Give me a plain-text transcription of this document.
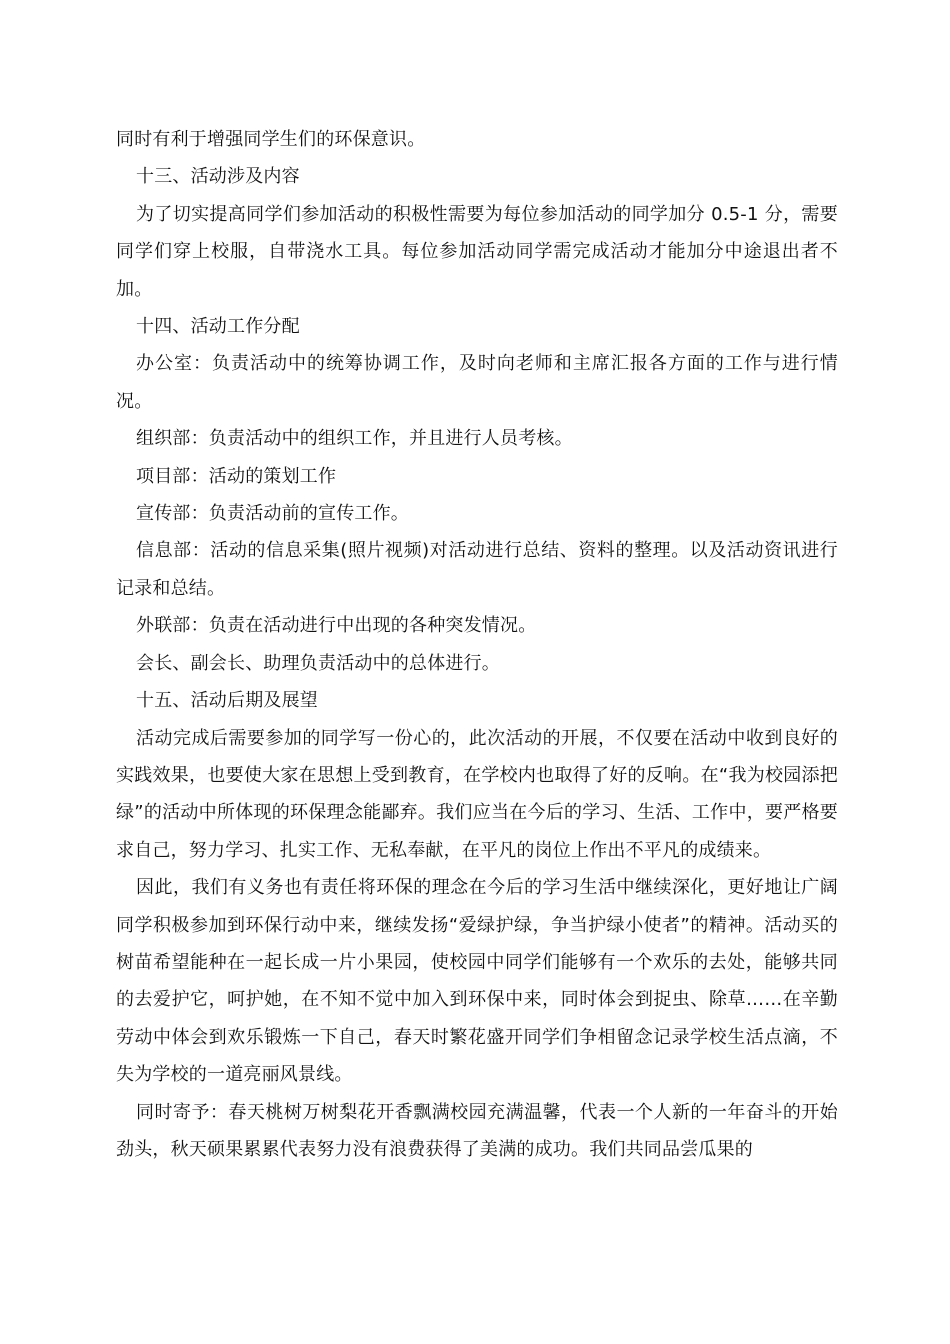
同时有利于增强同学生们的环保意识。

十三、活动涉及内容

为了切实提高同学们参加活动的积极性需要为每位参加活动的同学加分 0.5-1 分，需要同学们穿上校服，自带浇水工具。每位参加活动同学需完成活动才能加分中途退出者不加。

十四、活动工作分配

办公室：负责活动中的统筹协调工作，及时向老师和主席汇报各方面的工作与进行情况。

组织部：负责活动中的组织工作，并且进行人员考核。

项目部：活动的策划工作

宣传部：负责活动前的宣传工作。

信息部：活动的信息采集(照片视频)对活动进行总结、资料的整理。以及活动资讯进行记录和总结。

外联部：负责在活动进行中出现的各种突发情况。

会长、副会长、助理负责活动中的总体进行。

十五、活动后期及展望

活动完成后需要参加的同学写一份心的，此次活动的开展，不仅要在活动中收到良好的实践效果，也要使大家在思想上受到教育，在学校内也取得了好的反响。在“我为校园添把绿”的活动中所体现的环保理念能鄙弃。我们应当在今后的学习、生活、工作中，要严格要求自己，努力学习、扎实工作、无私奉献，在平凡的岗位上作出不平凡的成绩来。

因此，我们有义务也有责任将环保的理念在今后的学习生活中继续深化，更好地让广阔同学积极参加到环保行动中来，继续发扬“爱绿护绿，争当护绿小使者”的精神。活动买的树苗希望能种在一起长成一片小果园，使校园中同学们能够有一个欢乐的去处，能够共同的去爱护它，呵护她，在不知不觉中加入到环保中来，同时体会到捉虫、除草……在辛勤劳动中体会到欢乐锻炼一下自己，春天时繁花盛开同学们争相留念记录学校生活点滴，不失为学校的一道亮丽风景线。

同时寄予：春天桃树万树梨花开香飘满校园充满温馨，代表一个人新的一年奋斗的开始劲头，秋天硕果累累代表努力没有浪费获得了美满的成功。我们共同品尝瓜果的
